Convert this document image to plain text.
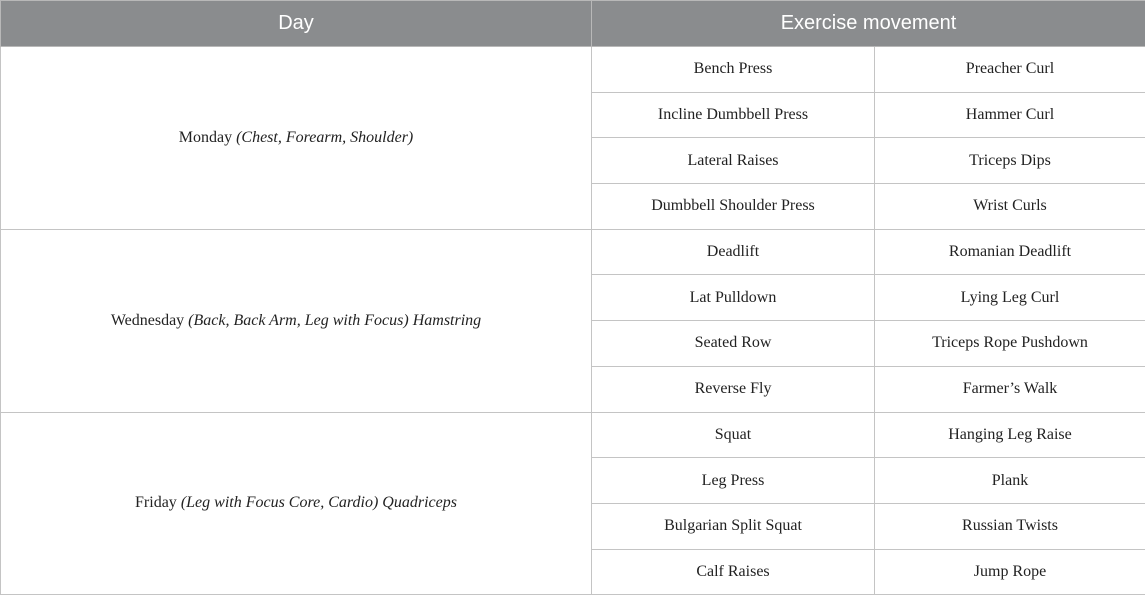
Day	Exercise movement	
Monday (Chest, Forearm, Shoulder)	Bench Press	Preacher Curl
	Incline Dumbbell Press	Hammer Curl
	Lateral Raises	Triceps Dips
	Dumbbell Shoulder Press	Wrist Curls
Wednesday (Back, Back Arm, Leg with Focus) Hamstring	Deadlift	Romanian Deadlift
	Lat Pulldown	Lying Leg Curl
	Seated Row	Triceps Rope Pushdown
	Reverse Fly	Farmer’s Walk
Friday (Leg with Focus Core, Cardio) Quadriceps	Squat	Hanging Leg Raise
	Leg Press	Plank
	Bulgarian Split Squat	Russian Twists
	Calf Raises	Jump Rope
